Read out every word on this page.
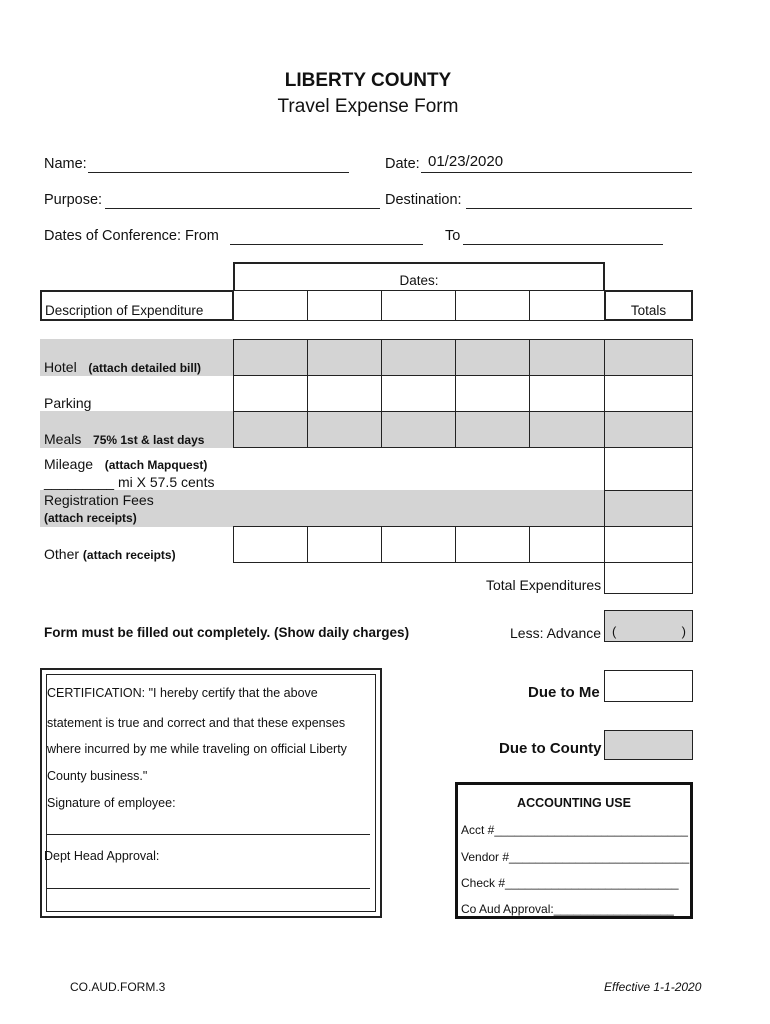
LIBERTY COUNTY
Travel Expense Form
Name:	Date: 01/23/2020
Purpose:	Destination:
Dates of Conference: From	To
Dates:
Description of Expenditure	Totals
Hotel (attach detailed bill)
Parking
Meals 75% 1st & last days
Mileage (attach Mapquest)
_________ mi X 57.5 cents
Registration Fees
(attach receipts)
Other (attach receipts)
Total Expenditures
Form must be filled out completely. (Show daily charges)	Less: Advance (	)
CERTIFICATION: "I hereby certify that the above
statement is true and correct and that these expenses
where incurred by me while traveling on official Liberty
County business."
Signature of employee:
Dept Head Approval:
Due to Me
Due to County
ACCOUNTING USE
Acct #_____________________________
Vendor #___________________________
Check #__________________________
Co Aud Approval:__________________
CO.AUD.FORM.3	Effective 1-1-2020
